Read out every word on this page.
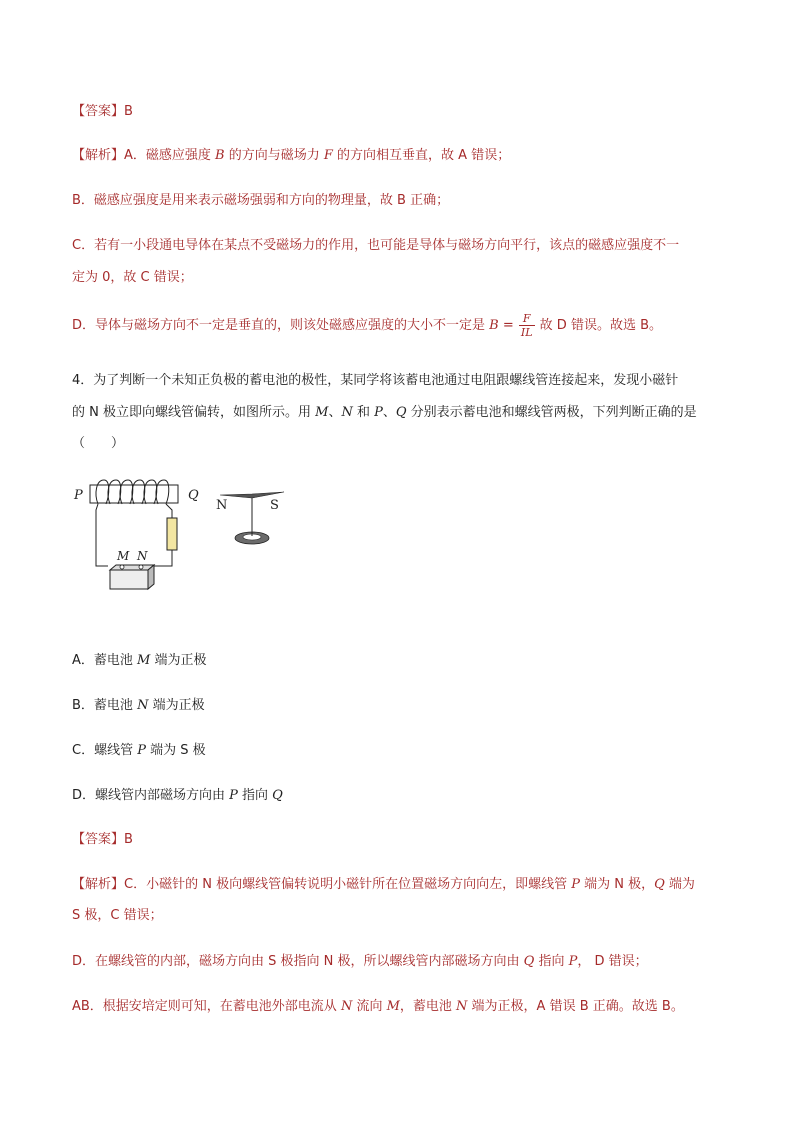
【答案】B

【解析】A．磁感应强度 B 的方向与磁场力 F 的方向相互垂直，故 A 错误；

B．磁感应强度是用来表示磁场强弱和方向的物理量，故 B 正确；

C．若有一小段通电导体在某点不受磁场力的作用，也可能是导体与磁场方向平行，该点的磁感应强度不一

定为 0，故 C 错误；

D．导体与磁场方向不一定是垂直的，则该处磁感应强度的大小不一定是 $B = \frac{F}{IL}$ 故 D 错误。故选 B。

4．为了判断一个未知正负极的蓄电池的极性，某同学将该蓄电池通过电阻跟螺线管连接起来，发现小磁针

的 N 极立即向螺线管偏转，如图所示。用 M、N 和 P、Q 分别表示蓄电池和螺线管两极，下列判断正确的是

（　　）

P	Q
M N
N	S

A．蓄电池 M 端为正极

B．蓄电池 N 端为正极

C．螺线管 P 端为 S 极

D．螺线管内部磁场方向由 P 指向 Q

【答案】B

【解析】C．小磁针的 N 极向螺线管偏转说明小磁针所在位置磁场方向向左，即螺线管 P 端为 N 极，Q 端为

S 极，C 错误；

D．在螺线管的内部，磁场方向由 S 极指向 N 极，所以螺线管内部磁场方向由 Q 指向 P， D 错误；

AB．根据安培定则可知，在蓄电池外部电流从 N 流向 M，蓄电池 N 端为正极，A 错误 B 正确。故选 B。
